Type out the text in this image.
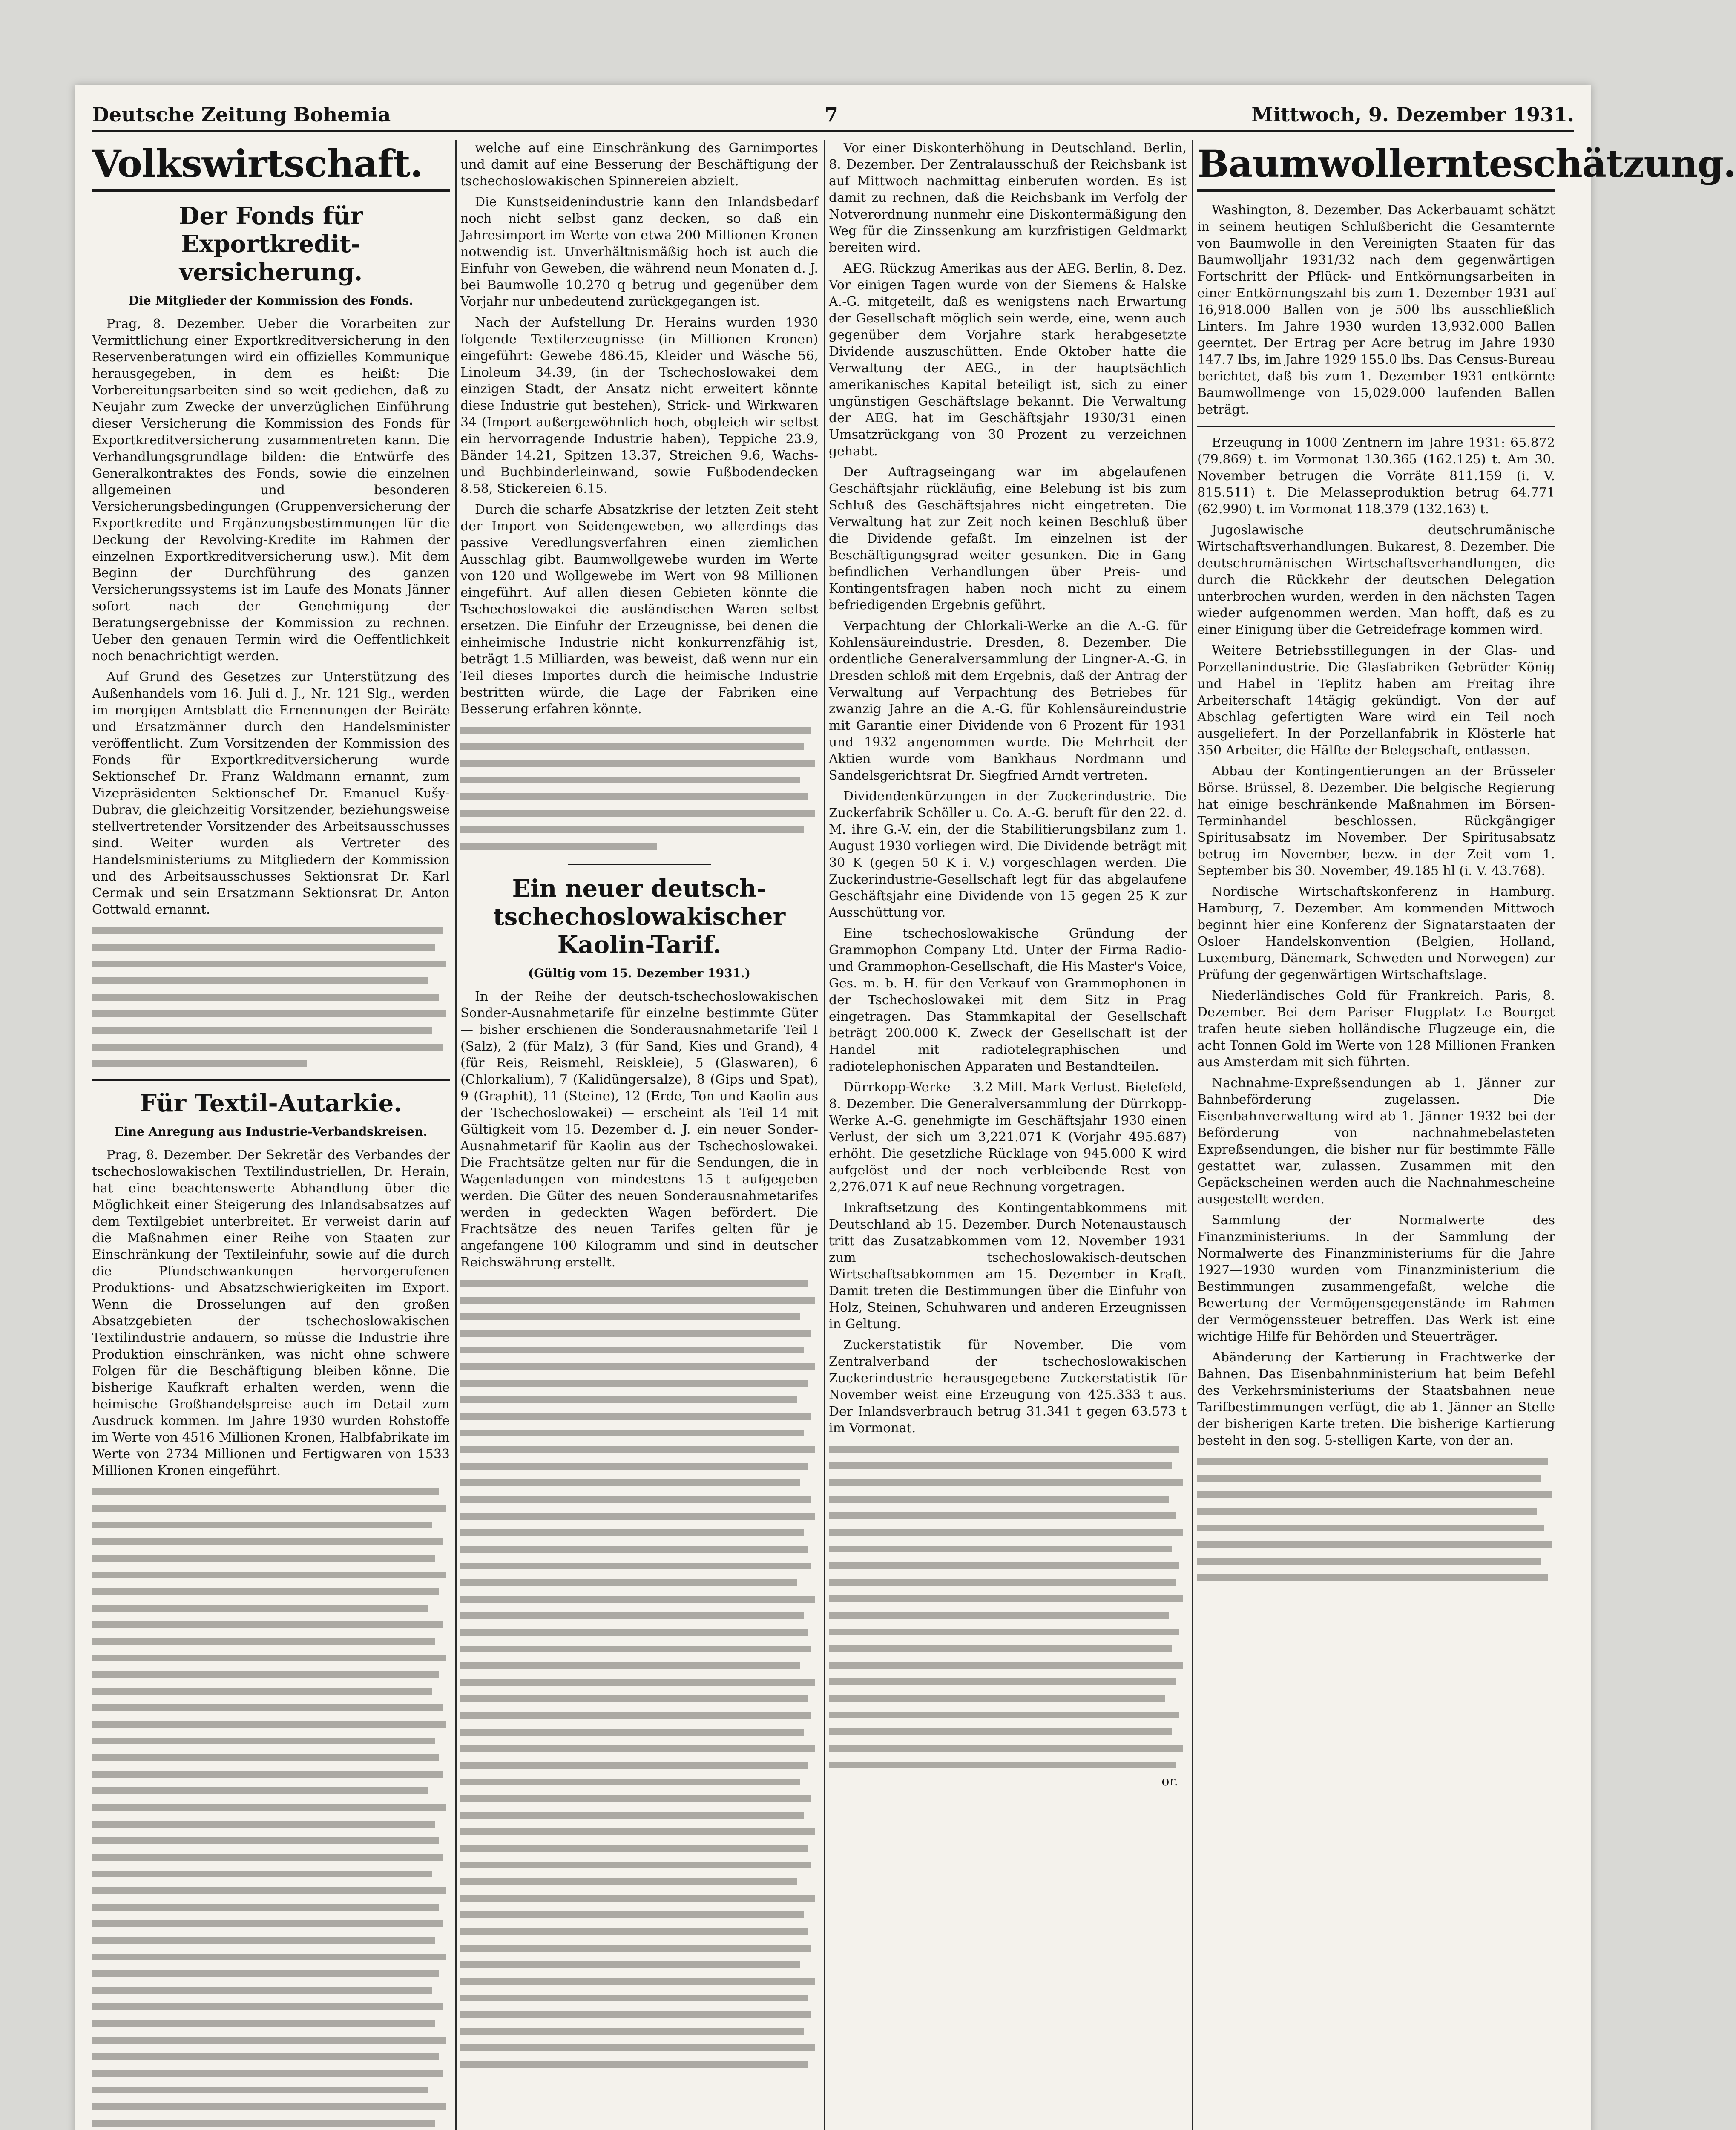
Deutsche Zeitung Bohemia	7	Mittwoch, 9. Dezember 1931.
Volkswirtschaft.
Der Fonds für Exportkredit-versicherung.
Die Mitglieder der Kommission des Fonds.

Prag, 8. Dezember. Ueber die Vorarbeiten zur Vermittlichung einer Exportkreditversicherung in den Reservenberatungen wird ein offizielles Kommunique herausgegeben, in dem es heißt: Die Vorbereitungsarbeiten sind so weit gediehen, daß zu Neujahr zum Zwecke der unverzüglichen Einführung dieser Versicherung die Kommission des Fonds für Exportkreditversicherung zusammentreten kann. Die Verhandlungsgrundlage bilden: die Entwürfe des Generalkontraktes des Fonds, sowie die einzelnen allgemeinen und besonderen Versicherungsbedingungen (Gruppenversicherung der Exportkredite und Ergänzungsbestimmungen für die Deckung der Revolving-Kredite im Rahmen der einzelnen Exportkreditversicherung usw.). Mit dem Beginn der Durchführung des ganzen Versicherungssystems ist im Laufe des Monats Jänner sofort nach der Genehmigung der Beratungsergebnisse der Kommission zu rechnen. Ueber den genauen Termin wird die Oeffentlichkeit noch benachrichtigt werden.

Auf Grund des Gesetzes zur Unterstützung des Außenhandels vom 16. Juli d. J., Nr. 121 Slg., werden im morgigen Amtsblatt die Ernennungen der Beiräte und Ersatzmänner durch den Handelsminister veröffentlicht. Zum Vorsitzenden der Kommission des Fonds für Exportkreditversicherung wurde Sektionschef Dr. Franz Waldmann ernannt, zum Vizepräsidenten Sektionschef Dr. Emanuel Kušy-Dubrav, die gleichzeitig Vorsitzender, beziehungsweise stellvertretender Vorsitzender des Arbeitsausschusses sind. Weiter wurden als Vertreter des Handelsministeriums zu Mitgliedern der Kommission und des Arbeitsausschusses Sektionsrat Dr. Karl Cermak und sein Ersatzmann Sektionsrat Dr. Anton Gottwald ernannt.

Für Textil-Autarkie.
Eine Anregung aus Industrie-Verbandskreisen.

Prag, 8. Dezember. Der Sekretär des Verbandes der tschechoslowakischen Textilindustriellen, Dr. Herain, hat eine beachtenswerte Abhandlung über die Möglichkeit einer Steigerung des Inlandsabsatzes auf dem Textilgebiet unterbreitet. Er verweist darin auf die Maßnahmen einer Reihe von Staaten zur Einschränkung der Textileinfuhr, sowie auf die durch die Pfundschwankungen hervorgerufenen Produktions- und Absatzschwierigkeiten im Export. Wenn die Drosselungen auf den großen Absatzgebieten der tschechoslowakischen Textilindustrie andauern, so müsse die Industrie ihre Produktion einschränken, was nicht ohne schwere Folgen für die Beschäftigung bleiben könne. Die bisherige Kaufkraft erhalten werden, wenn die heimische Großhandelspreise auch im Detail zum Ausdruck kommen. Im Jahre 1930 wurden Rohstoffe im Werte von 4516 Millionen Kronen, Halbfabrikate im Werte von 2734 Millionen und Fertigwaren von 1533 Millionen Kronen eingeführt.

welche auf eine Einschränkung des Garnimportes und damit auf eine Besserung der Beschäftigung der tschechoslowakischen Spinnereien abzielt.

Die Kunstseidenindustrie kann den Inlandsbedarf noch nicht selbst ganz decken, so daß ein Jahresimport im Werte von etwa 200 Millionen Kronen notwendig ist. Unverhältnismäßig hoch ist auch die Einfuhr von Geweben, die während neun Monaten d. J. bei Baumwolle 10.270 q betrug und gegenüber dem Vorjahr nur unbedeutend zurückgegangen ist.

Nach der Aufstellung Dr. Herains wurden 1930 folgende Textilerzeugnisse (in Millionen Kronen) eingeführt: Gewebe 486.45, Kleider und Wäsche 56, Linoleum 34.39, (in der Tschechoslowakei dem einzigen Stadt, der Ansatz nicht erweitert könnte diese Industrie gut bestehen), Strick- und Wirkwaren 34 (Import außergewöhnlich hoch, obgleich wir selbst ein hervorragende Industrie haben), Teppiche 23.9, Bänder 14.21, Spitzen 13.37, Streichen 9.6, Wachs- und Buchbinderleinwand, sowie Fußbodendecken 8.58, Stickereien 6.15.

Durch die scharfe Absatzkrise der letzten Zeit steht der Import von Seidengeweben, wo allerdings das passive Veredlungsverfahren einen ziemlichen Ausschlag gibt. Baumwollgewebe wurden im Werte von 120 und Wollgewebe im Wert von 98 Millionen eingeführt. Auf allen diesen Gebieten könnte die Tschechoslowakei die ausländischen Waren selbst ersetzen. Die Einfuhr der Erzeugnisse, bei denen die einheimische Industrie nicht konkurrenzfähig ist, beträgt 1.5 Milliarden, was beweist, daß wenn nur ein Teil dieses Importes durch die heimische Industrie bestritten würde, die Lage der Fabriken eine Besserung erfahren könnte.

Ein neuer deutsch-tschechoslowakischer Kaolin-Tarif.
(Gültig vom 15. Dezember 1931.)

In der Reihe der deutsch-tschechoslowakischen Sonder-Ausnahmetarife für einzelne bestimmte Güter — bisher erschienen die Sonderausnahmetarife Teil I (Salz), 2 (für Malz), 3 (für Sand, Kies und Grand), 4 (für Reis, Reismehl, Reiskleie), 5 (Glaswaren), 6 (Chlorkalium), 7 (Kalidüngersalze), 8 (Gips und Spat), 9 (Graphit), 11 (Steine), 12 (Erde, Ton und Kaolin aus der Tschechoslowakei) — erscheint als Teil 14 mit Gültigkeit vom 15. Dezember d. J. ein neuer Sonder-Ausnahmetarif für Kaolin aus der Tschechoslowakei. Die Frachtsätze gelten nur für die Sendungen, die in Wagenladungen von mindestens 15 t aufgegeben werden. Die Güter des neuen Sonderausnahmetarifes werden in gedeckten Wagen befördert. Die Frachtsätze des neuen Tarifes gelten für je angefangene 100 Kilogramm und sind in deutscher Reichswährung erstellt.

Vor einer Diskonterhöhung in Deutschland. Berlin, 8. Dezember. Der Zentralausschuß der Reichsbank ist auf Mittwoch nachmittag einberufen worden. Es ist damit zu rechnen, daß die Reichsbank im Verfolg der Notverordnung nunmehr eine Diskontermäßigung den Weg für die Zinssenkung am kurzfristigen Geldmarkt bereiten wird.

AEG. Rückzug Amerikas aus der AEG. Berlin, 8. Dez. Vor einigen Tagen wurde von der Siemens & Halske A.-G. mitgeteilt, daß es wenigstens nach Erwartung der Gesellschaft möglich sein werde, eine, wenn auch gegenüber dem Vorjahre stark herabgesetzte Dividende auszuschütten. Ende Oktober hatte die Verwaltung der AEG., in der hauptsächlich amerikanisches Kapital beteiligt ist, sich zu einer ungünstigen Geschäftslage bekannt. Die Verwaltung der AEG. hat im Geschäftsjahr 1930/31 einen Umsatzrückgang von 30 Prozent zu verzeichnen gehabt.

Der Auftragseingang war im abgelaufenen Geschäftsjahr rückläufig, eine Belebung ist bis zum Schluß des Geschäftsjahres nicht eingetreten. Die Verwaltung hat zur Zeit noch keinen Beschluß über die Dividende gefaßt. Im einzelnen ist der Beschäftigungsgrad weiter gesunken. Die in Gang befindlichen Verhandlungen über Preis- und Kontingentsfragen haben noch nicht zu einem befriedigenden Ergebnis geführt.

Verpachtung der Chlorkali-Werke an die A.-G. für Kohlensäureindustrie. Dresden, 8. Dezember. Die ordentliche Generalversammlung der Lingner-A.-G. in Dresden schloß mit dem Ergebnis, daß der Antrag der Verwaltung auf Verpachtung des Betriebes für zwanzig Jahre an die A.-G. für Kohlensäureindustrie mit Garantie einer Dividende von 6 Prozent für 1931 und 1932 angenommen wurde. Die Mehrheit der Aktien wurde vom Bankhaus Nordmann und Sandelsgerichtsrat Dr. Siegfried Arndt vertreten.

Dividendenkürzungen in der Zuckerindustrie. Die Zuckerfabrik Schöller u. Co. A.-G. beruft für den 22. d. M. ihre G.-V. ein, der die Stabilitierungsbilanz zum 1. August 1930 vorliegen wird. Die Dividende beträgt mit 30 K (gegen 50 K i. V.) vorgeschlagen werden. Die Zuckerindustrie-Gesellschaft legt für das abgelaufene Geschäftsjahr eine Dividende von 15 gegen 25 K zur Ausschüttung vor.

Eine tschechoslowakische Gründung der Grammophon Company Ltd. Unter der Firma Radio- und Grammophon-Gesellschaft, die His Master's Voice, Ges. m. b. H. für den Verkauf von Grammophonen in der Tschechoslowakei mit dem Sitz in Prag eingetragen. Das Stammkapital der Gesellschaft beträgt 200.000 K. Zweck der Gesellschaft ist der Handel mit radiotelegraphischen und radiotelephonischen Apparaten und Bestandteilen.

Dürrkopp-Werke — 3.2 Mill. Mark Verlust. Bielefeld, 8. Dezember. Die Generalversammlung der Dürrkopp-Werke A.-G. genehmigte im Geschäftsjahr 1930 einen Verlust, der sich um 3,221.071 K (Vorjahr 495.687) erhöht. Die gesetzliche Rücklage von 945.000 K wird aufgelöst und der noch verbleibende Rest von 2,276.071 K auf neue Rechnung vorgetragen.

Inkraftsetzung des Kontingentabkommens mit Deutschland ab 15. Dezember. Durch Notenaustausch tritt das Zusatzabkommen vom 12. November 1931 zum tschechoslowakisch-deutschen Wirtschaftsabkommen am 15. Dezember in Kraft. Damit treten die Bestimmungen über die Einfuhr von Holz, Steinen, Schuhwaren und anderen Erzeugnissen in Geltung.

Zuckerstatistik für November. Die vom Zentralverband der tschechoslowakischen Zuckerindustrie herausgegebene Zuckerstatistik für November weist eine Erzeugung von 425.333 t aus. Der Inlandsverbrauch betrug 31.341 t gegen 63.573 t im Vormonat.

— or.

Baumwollernteschätzung.

Washington, 8. Dezember. Das Ackerbauamt schätzt in seinem heutigen Schlußbericht die Gesamternte von Baumwolle in den Vereinigten Staaten für das Baumwolljahr 1931/32 nach dem gegenwärtigen Fortschritt der Pflück- und Entkörnungsarbeiten in einer Entkörnungszahl bis zum 1. Dezember 1931 auf 16,918.000 Ballen von je 500 lbs ausschließlich Linters. Im Jahre 1930 wurden 13,932.000 Ballen geerntet. Der Ertrag per Acre betrug im Jahre 1930 147.7 lbs, im Jahre 1929 155.0 lbs. Das Census-Bureau berichtet, daß bis zum 1. Dezember 1931 entkörnte Baumwollmenge von 15,029.000 laufenden Ballen beträgt.

Erzeugung in 1000 Zentnern im Jahre 1931: 65.872 (79.869) t. im Vormonat 130.365 (162.125) t. Am 30. November betrugen die Vorräte 811.159 (i. V. 815.511) t. Die Melasseproduktion betrug 64.771 (62.990) t. im Vormonat 118.379 (132.163) t.

Jugoslawische deutschrumänische Wirtschaftsverhandlungen. Bukarest, 8. Dezember. Die deutschrumänischen Wirtschaftsverhandlungen, die durch die Rückkehr der deutschen Delegation unterbrochen wurden, werden in den nächsten Tagen wieder aufgenommen werden. Man hofft, daß es zu einer Einigung über die Getreidefrage kommen wird.

Weitere Betriebsstillegungen in der Glas- und Porzellanindustrie. Die Glasfabriken Gebrüder König und Habel in Teplitz haben am Freitag ihre Arbeiterschaft 14tägig gekündigt. Von der auf Abschlag gefertigten Ware wird ein Teil noch ausgeliefert. In der Porzellanfabrik in Klösterle hat 350 Arbeiter, die Hälfte der Belegschaft, entlassen.

Abbau der Kontingentierungen an der Brüsseler Börse. Brüssel, 8. Dezember. Die belgische Regierung hat einige beschränkende Maßnahmen im Börsen-Terminhandel beschlossen. Rückgängiger Spiritusabsatz im November. Der Spiritusabsatz betrug im November, bezw. in der Zeit vom 1. September bis 30. November, 49.185 hl (i. V. 43.768).

Nordische Wirtschaftskonferenz in Hamburg. Hamburg, 7. Dezember. Am kommenden Mittwoch beginnt hier eine Konferenz der Signatarstaaten der Osloer Handelskonvention (Belgien, Holland, Luxemburg, Dänemark, Schweden und Norwegen) zur Prüfung der gegenwärtigen Wirtschaftslage.

Niederländisches Gold für Frankreich. Paris, 8. Dezember. Bei dem Pariser Flugplatz Le Bourget trafen heute sieben holländische Flugzeuge ein, die acht Tonnen Gold im Werte von 128 Millionen Franken aus Amsterdam mit sich führten.

Nachnahme-Expreßsendungen ab 1. Jänner zur Bahnbeförderung zugelassen. Die Eisenbahnverwaltung wird ab 1. Jänner 1932 bei der Beförderung von nachnahmebelasteten Expreßsendungen, die bisher nur für bestimmte Fälle gestattet war, zulassen. Zusammen mit den Gepäckscheinen werden auch die Nachnahmescheine ausgestellt werden.

Sammlung der Normalwerte des Finanzministeriums. In der Sammlung der Normalwerte des Finanzministeriums für die Jahre 1927—1930 wurden vom Finanzministerium die Bestimmungen zusammengefaßt, welche die Bewertung der Vermögensgegenstände im Rahmen der Vermögenssteuer betreffen. Das Werk ist eine wichtige Hilfe für Behörden und Steuerträger.

Abänderung der Kartierung in Frachtwerke der Bahnen. Das Eisenbahnministerium hat beim Befehl des Verkehrsministeriums der Staatsbahnen neue Tarifbestimmungen verfügt, die ab 1. Jänner an Stelle der bisherigen Karte treten. Die bisherige Kartierung besteht in den sog. 5-stelligen Karte, von der an.
